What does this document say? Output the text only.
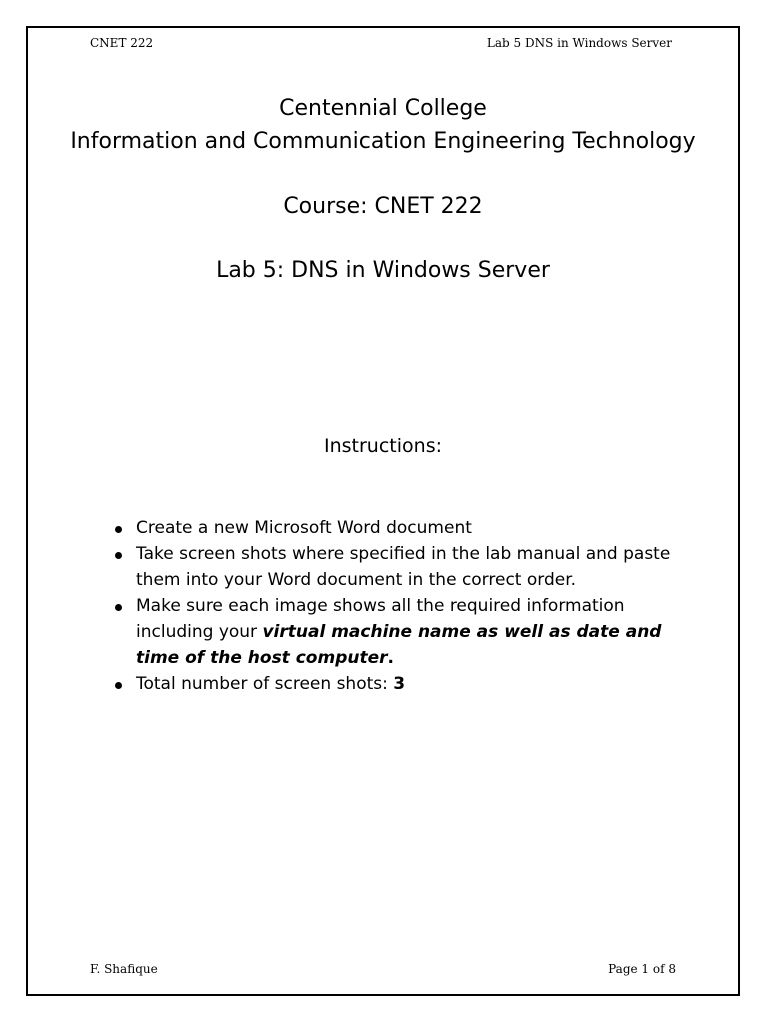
CNET 222	Lab 5 DNS in Windows Server
Centennial College
Information and Communication Engineering Technology
Course: CNET 222
Lab 5: DNS in Windows Server
Instructions:
Create a new Microsoft Word document
Take screen shots where specified in the lab manual and paste them into your Word document in the correct order.
Make sure each image shows all the required information including your virtual machine name as well as date and time of the host computer.
Total number of screen shots: 3
F. Shafique	Page 1 of 8
